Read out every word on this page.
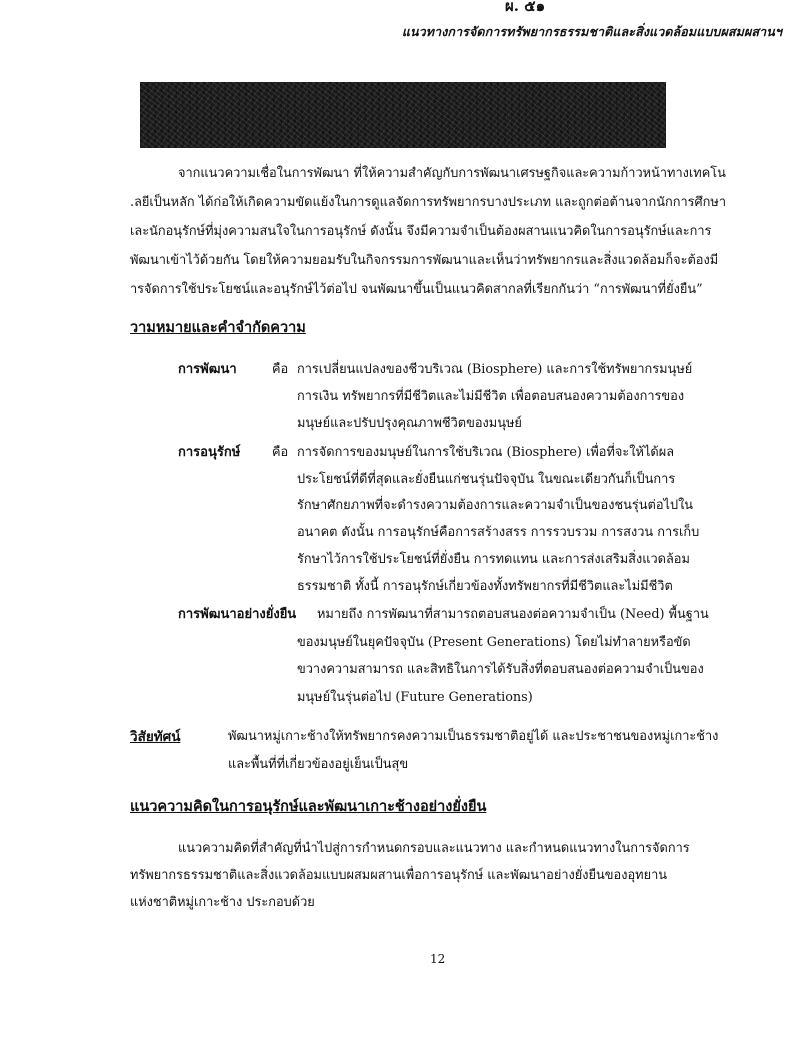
ผ. ๕๑
แนวทางการจัดการทรัพยากรธรรมชาติและสิ่งแวดล้อมแบบผสมผสานฯ
จากแนวความเชื่อในการพัฒนา ที่ให้ความสำคัญกับการพัฒนาเศรษฐกิจและความก้าวหน้าทางเทคโน
.ลยีเป็นหลัก ได้ก่อให้เกิดความขัดแย้งในการดูแลจัดการทรัพยากรบางประเภท และถูกต่อต้านจากนักการศึกษา
เละนักอนุรักษ์ที่มุ่งความสนใจในการอนุรักษ์ ดังนั้น จึงมีความจำเป็นต้องผสานแนวคิดในการอนุรักษ์และการ
พัฒนาเข้าไว้ด้วยกัน โดยให้ความยอมรับในกิจกรรมการพัฒนาและเห็นว่าทรัพยากรและสิ่งแวดล้อมก็จะต้องมี
ารจัดการใช้ประโยชน์และอนุรักษ์ไว้ต่อไป จนพัฒนาขึ้นเป็นแนวคิดสากลที่เรียกกันว่า “การพัฒนาที่ยั่งยืน”
วามหมายและคำจำกัดความ
การพัฒนา	คือ การเปลี่ยนแปลงของชีวบริเวณ (Biosphere) และการใช้ทรัพยากรมนุษย์
การเงิน ทรัพยากรที่มีชีวิตและไม่มีชีวิต เพื่อตอบสนองความต้องการของ
มนุษย์และปรับปรุงคุณภาพชีวิตของมนุษย์
การอนุรักษ์ คือ การจัดการของมนุษย์ในการใช้บริเวณ (Biosphere) เพื่อที่จะให้ได้ผล
ประโยชน์ที่ดีที่สุดและยั่งยืนแก่ชนรุ่นปัจจุบัน ในขณะเดียวกันก็เป็นการ
รักษาศักยภาพที่จะดำรงความต้องการและความจำเป็นของชนรุ่นต่อไปใน
อนาคต ดังนั้น การอนุรักษ์คือการสร้างสรร การรวบรวม การสงวน การเก็บ
รักษาไว้การใช้ประโยชน์ที่ยั่งยืน การทดแทน และการส่งเสริมสิ่งแวดล้อม
ธรรมชาติ ทั้งนี้ การอนุรักษ์เกี่ยวข้องทั้งทรัพยากรที่มีชีวิตและไม่มีชีวิต
การพัฒนาอย่างยั่งยืน หมายถึง การพัฒนาที่สามารถตอบสนองต่อความจำเป็น (Need) พื้นฐาน
ของมนุษย์ในยุคปัจจุบัน (Present Generations) โดยไม่ทำลายหรือขัด
ขวางความสามารถ และสิทธิในการได้รับสิ่งที่ตอบสนองต่อความจำเป็นของ
มนุษย์ในรุ่นต่อไป (Future Generations)
วิสัยทัศน์	พัฒนาหมู่เกาะช้างให้ทรัพยากรคงความเป็นธรรมชาติอยู่ได้ และประชาชนของหมู่เกาะช้าง
และพื้นที่ที่เกี่ยวข้องอยู่เย็นเป็นสุข
แนวความคิดในการอนุรักษ์และพัฒนาเกาะช้างอย่างยั่งยืน
แนวความคิดที่สำคัญที่นำไปสู่การกำหนดกรอบและแนวทาง และกำหนดแนวทางในการจัดการ
ทรัพยากรธรรมชาติและสิ่งแวดล้อมแบบผสมผสานเพื่อการอนุรักษ์ และพัฒนาอย่างยั่งยืนของอุทยาน
แห่งชาติหมู่เกาะช้าง ประกอบด้วย
12
